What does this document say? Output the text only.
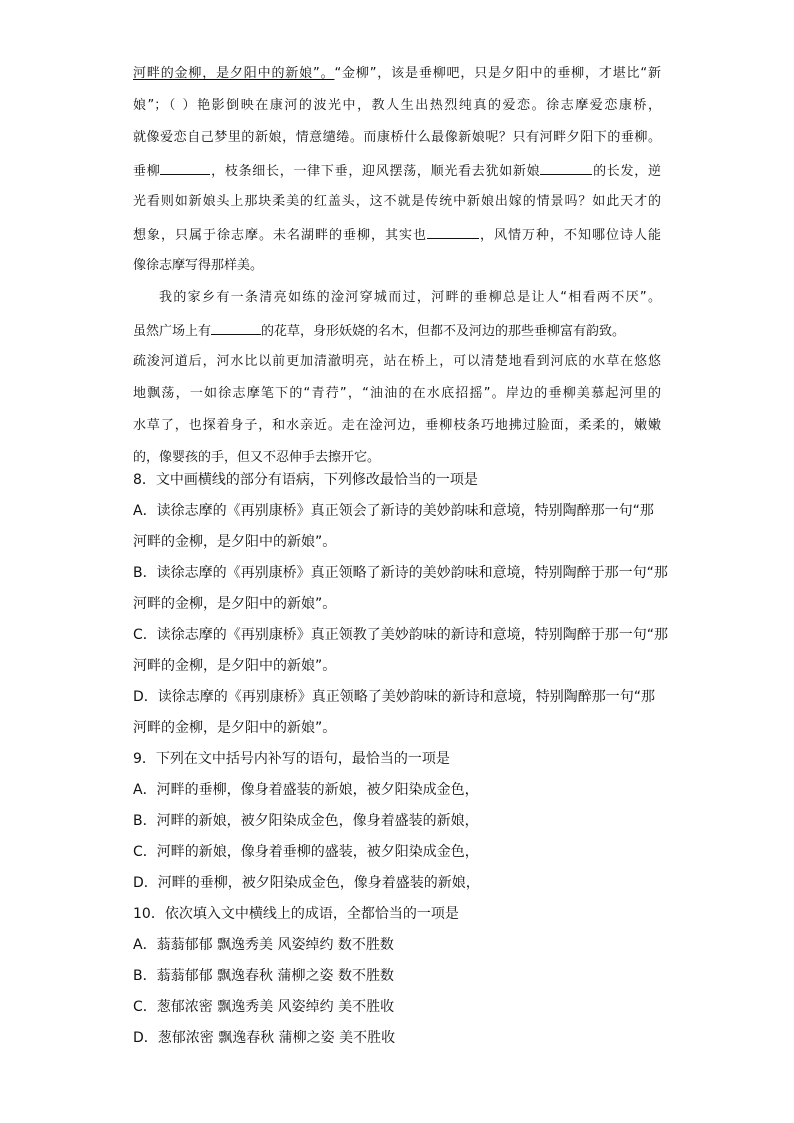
河畔的金柳，是夕阳中的新娘”。“金柳”，该是垂柳吧，只是夕阳中的垂柳，才堪比“新
娘”；（ ）艳影倒映在康河的波光中，教人生出热烈纯真的爱恋。徐志摩爱恋康桥，
就像爱恋自己梦里的新娘，情意缱绻。而康桥什么最像新娘呢？只有河畔夕阳下的垂柳。
垂柳	，枝条细长，一律下垂，迎风摆荡，顺光看去犹如新娘	的长发，逆
光看则如新娘头上那块柔美的红盖头，这不就是传统中新娘出嫁的情景吗？如此天才的
想象，只属于徐志摩。未名湖畔的垂柳，其实也	，风情万种，不知哪位诗人能
像徐志摩写得那样美。
我的家乡有一条清亮如练的淦河穿城而过，河畔的垂柳总是让人“相看两不厌”。
虽然广场上有	的花草，身形妖娆的名木，但都不及河边的那些垂柳富有韵致。
疏浚河道后，河水比以前更加清澈明亮，站在桥上，可以清楚地看到河底的水草在悠悠
地飘荡，一如徐志摩笔下的“青荇”，“油油的在水底招摇”。岸边的垂柳美慕起河里的
水草了，也探着身子，和水亲近。走在淦河边，垂柳枝条巧地拂过脸面，柔柔的，嫩嫩
的，像婴孩的手，但又不忍伸手去擦开它。
8．文中画横线的部分有语病，下列修改最恰当的一项是
A．读徐志摩的《再别康桥》真正领会了新诗的美妙韵味和意境，特别陶醉那一句“那
河畔的金柳，是夕阳中的新娘”。
B．读徐志摩的《再别康桥》真正领略了新诗的美妙韵味和意境，特别陶醉于那一句“那
河畔的金柳，是夕阳中的新娘”。
C．读徐志摩的《再别康桥》真正领教了美妙韵味的新诗和意境，特别陶醉于那一句“那
河畔的金柳，是夕阳中的新娘”。
D．读徐志摩的《再别康桥》真正领略了美妙韵味的新诗和意境，特别陶醉那一句“那
河畔的金柳，是夕阳中的新娘”。
9．下列在文中括号内补写的语句，最恰当的一项是
A．河畔的垂柳，像身着盛装的新娘，被夕阳染成金色，
B．河畔的新娘，被夕阳染成金色，像身着盛装的新娘，
C．河畔的新娘，像身着垂柳的盛装，被夕阳染成金色，
D．河畔的垂柳，被夕阳染成金色，像身着盛装的新娘，
10．依次填入文中横线上的成语，全都恰当的一项是
A．蓊蓊郁郁 飘逸秀美 风姿绰约 数不胜数
B．蓊蓊郁郁 飘逸春秋 蒲柳之姿 数不胜数
C．葱郁浓密 飘逸秀美 风姿绰约 美不胜收
D．葱郁浓密 飘逸春秋 蒲柳之姿 美不胜收
